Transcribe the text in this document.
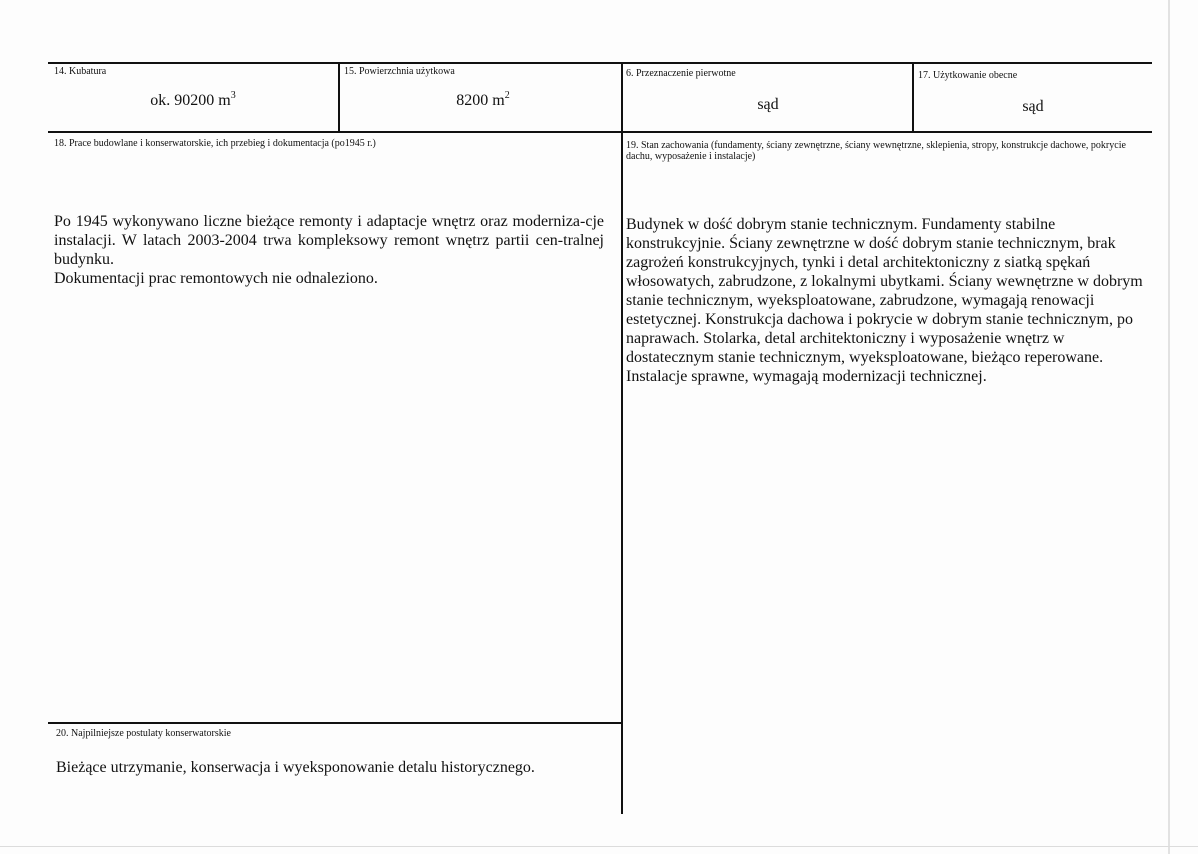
14. Kubatura
ok. 90200 $m^3$
15. Powierzchnia użytkowa
8200 $m^2$
6. Przeznaczenie pierwotne
sąd
17. Użytkowanie obecne
sąd
18. Prace budowlane i konserwatorskie, ich przebieg i dokumentacja (po1945 r.)

Po 1945 wykonywano liczne bieżące remonty i adaptacje wnętrz oraz moderniza-cje instalacji. W latach 2003-2004 trwa kompleksowy remont wnętrz partii cen-tralnej budynku.

Dokumentacji prac remontowych nie odnaleziono.

19. Stan zachowania (fundamenty, ściany zewnętrzne, ściany wewnętrzne, sklepienia, stropy, konstrukcje dachowe, pokrycie dachu, wyposażenie i instalacje)
Budynek w dość dobrym stanie technicznym. Fundamenty stabilne konstrukcyjnie. Ściany zewnętrzne w dość dobrym stanie technicznym, brak zagrożeń konstrukcyjnych, tynki i detal architektoniczny z siatką spękań włosowatych, zabrudzone, z lokalnymi ubytkami. Ściany wewnętrzne w dobrym stanie technicznym, wyeksploatowane, zabrudzone, wymagają renowacji estetycznej. Konstrukcja dachowa i pokrycie w dobrym stanie technicznym, po naprawach. Stolarka, detal architektoniczny i wyposażenie wnętrz w dostatecznym stanie technicznym, wyeksploatowane, bieżąco reperowane. Instalacje sprawne, wymagają modernizacji technicznej.
20. Najpilniejsze postulaty konserwatorskie
Bieżące utrzymanie, konserwacja i wyeksponowanie detalu historycznego.
